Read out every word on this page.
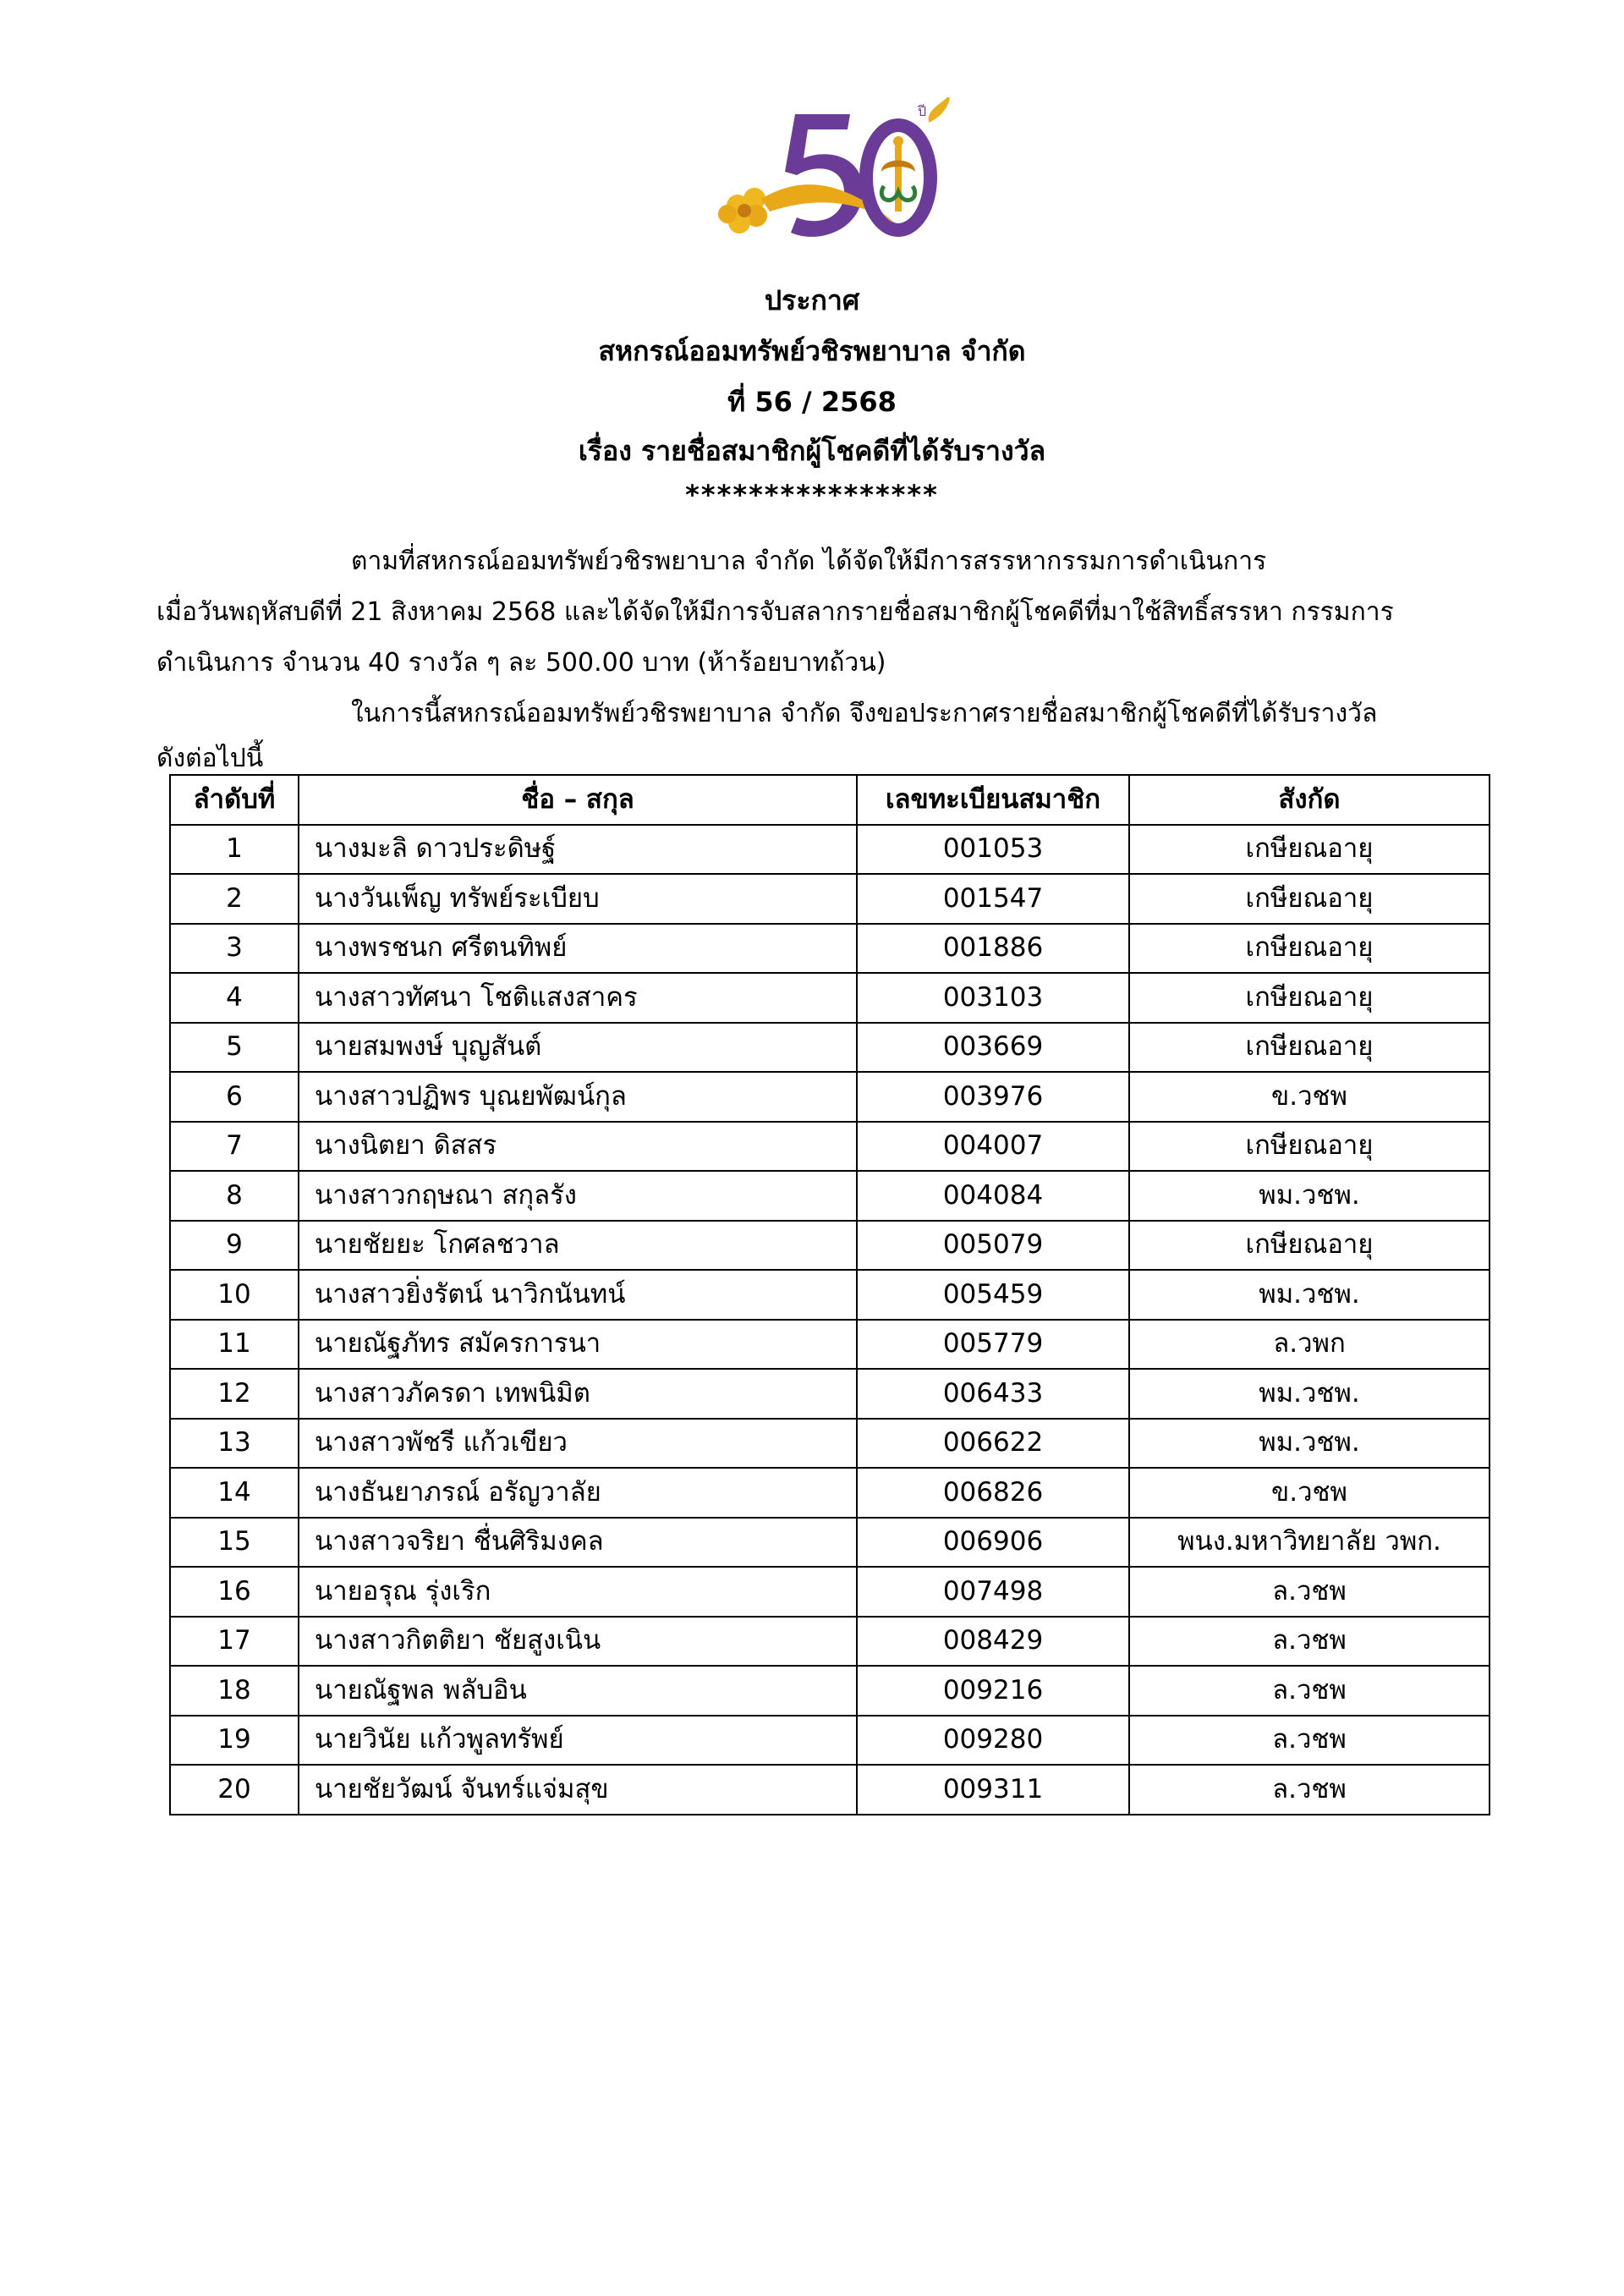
ปี
ประกาศ
สหกรณ์ออมทรัพย์วชิรพยาบาล จำกัด
ที่ 56 / 2568
เรื่อง รายชื่อสมาชิกผู้โชคดีที่ได้รับรางวัล
****************
ตามที่สหกรณ์ออมทรัพย์วชิรพยาบาล จำกัด ได้จัดให้มีการสรรหากรรมการดำเนินการ
เมื่อวันพฤหัสบดีที่ 21 สิงหาคม 2568 และได้จัดให้มีการจับสลากรายชื่อสมาชิกผู้โชคดีที่มาใช้สิทธิ์สรรหา กรรมการ
ดำเนินการ จำนวน 40 รางวัล ๆ ละ 500.00 บาท (ห้าร้อยบาทถ้วน)
ในการนี้สหกรณ์ออมทรัพย์วชิรพยาบาล จำกัด จึงขอประกาศรายชื่อสมาชิกผู้โชคดีที่ได้รับรางวัล
ดังต่อไปนี้
ลำดับที่	ชื่อ – สกุล	เลขทะเบียนสมาชิก	สังกัด
1	นางมะลิ ดาวประดิษฐ์	001053	เกษียณอายุ
2	นางวันเพ็ญ ทรัพย์ระเบียบ	001547	เกษียณอายุ
3	นางพรชนก ศรีตนทิพย์	001886	เกษียณอายุ
4	นางสาวทัศนา โชติแสงสาคร	003103	เกษียณอายุ
5	นายสมพงษ์ บุญสันต์	003669	เกษียณอายุ
6	นางสาวปฏิพร บุณยพัฒน์กุล	003976	ข.วชพ
7	นางนิตยา ดิสสร	004007	เกษียณอายุ
8	นางสาวกฤษณา สกุลรัง	004084	พม.วชพ.
9	นายชัยยะ โกศลชวาล	005079	เกษียณอายุ
10	นางสาวยิ่งรัตน์ นาวิกนันทน์	005459	พม.วชพ.
11	นายณัฐภัทร สมัครการนา	005779	ล.วพก
12	นางสาวภัครดา เทพนิมิต	006433	พม.วชพ.
13	นางสาวพัชรี แก้วเขียว	006622	พม.วชพ.
14	นางธันยาภรณ์ อรัญวาลัย	006826	ข.วชพ
15	นางสาวจริยา ชื่นศิริมงคล	006906	พนง.มหาวิทยาลัย วพก.
16	นายอรุณ รุ่งเริก	007498	ล.วชพ
17	นางสาวกิตติยา ชัยสูงเนิน	008429	ล.วชพ
18	นายณัฐพล พลับอิน	009216	ล.วชพ
19	นายวินัย แก้วพูลทรัพย์	009280	ล.วชพ
20	นายชัยวัฒน์ จันทร์แจ่มสุข	009311	ล.วชพ
